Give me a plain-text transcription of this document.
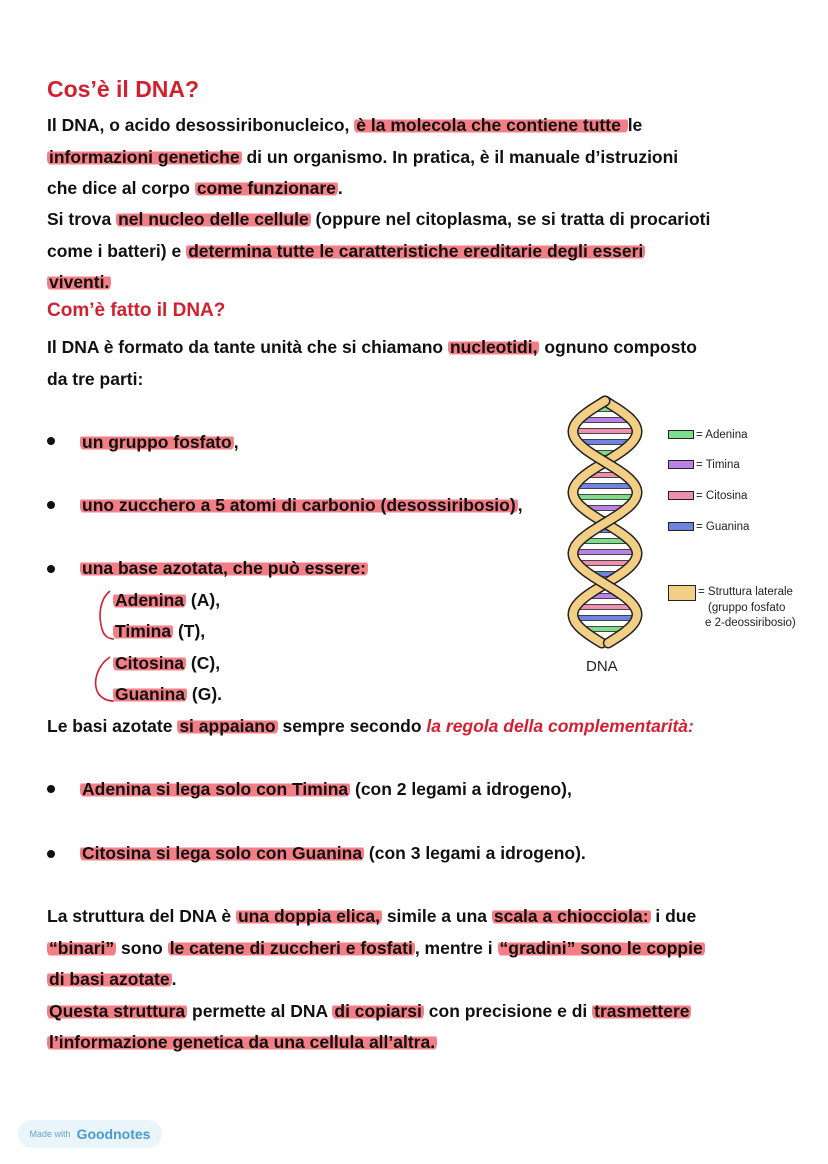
Cos’è il DNA?
Il DNA, o acido desossiribonucleico, è la molecola che contiene tutte le
informazioni genetiche di un organismo. In pratica, è il manuale d’istruzioni
che dice al corpo come funzionare .
Si trova nel nucleo delle cellule (oppure nel citoplasma, se si tratta di procarioti
come i batteri) e determina tutte le caratteristiche ereditarie degli esseri
viventi.
Com’è fatto il DNA?
Il DNA è formato da tante unità che si chiamano nucleotidi, ognuno composto
da tre parti:
un gruppo fosfato ,
uno zucchero a 5 atomi di carbonio (desossiribosio) ,
una base azotata, che può essere:
Adenina (A),
Timina (T),
Citosina (C),
Guanina (G).
Le basi azotate si appaiano sempre secondo la regola della complementarità:
Adenina si lega solo con Timina (con 2 legami a idrogeno),
Citosina si lega solo con Guanina (con 3 legami a idrogeno).
La struttura del DNA è una doppia elica, simile a una scala a chiocciola: i due
“binari” sono le catene di zuccheri e fosfati , mentre i “gradini” sono le coppie
di basi azotate .
Questa struttura permette al DNA di copiarsi con precisione e di trasmettere
l’informazione genetica da una cellula all’altra.
DNA
= Adenina
= Timina
= Citosina
= Guanina
= Struttura laterale
(gruppo fosfato
e 2-deossiribosio)
Made with Goodnotes
